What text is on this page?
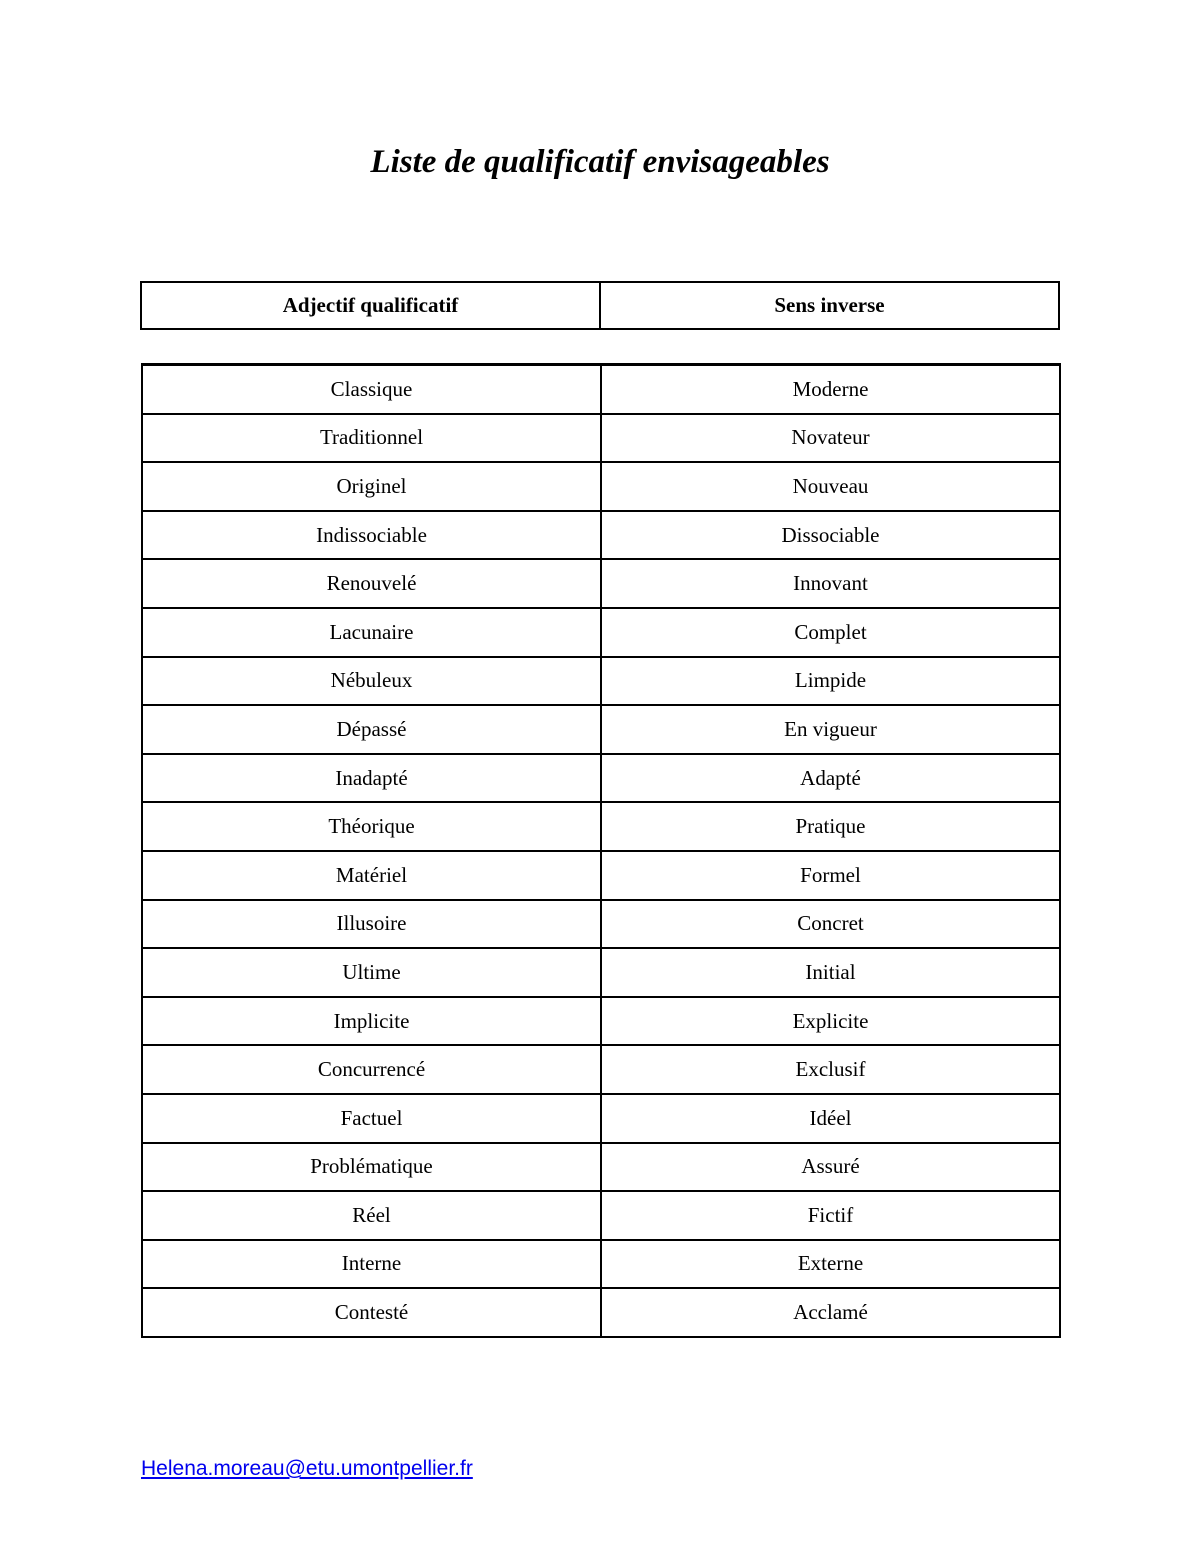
Liste de qualificatif envisageables
Adjectif qualificatif	Sens inverse
Classique	Moderne
Traditionnel	Novateur
Originel	Nouveau
Indissociable	Dissociable
Renouvelé	Innovant
Lacunaire	Complet
Nébuleux	Limpide
Dépassé	En vigueur
Inadapté	Adapté
Théorique	Pratique
Matériel	Formel
Illusoire	Concret
Ultime	Initial
Implicite	Explicite
Concurrencé	Exclusif
Factuel	Idéel
Problématique	Assuré
Réel	Fictif
Interne	Externe
Contesté	Acclamé
Helena.moreau@etu.umontpellier.fr
